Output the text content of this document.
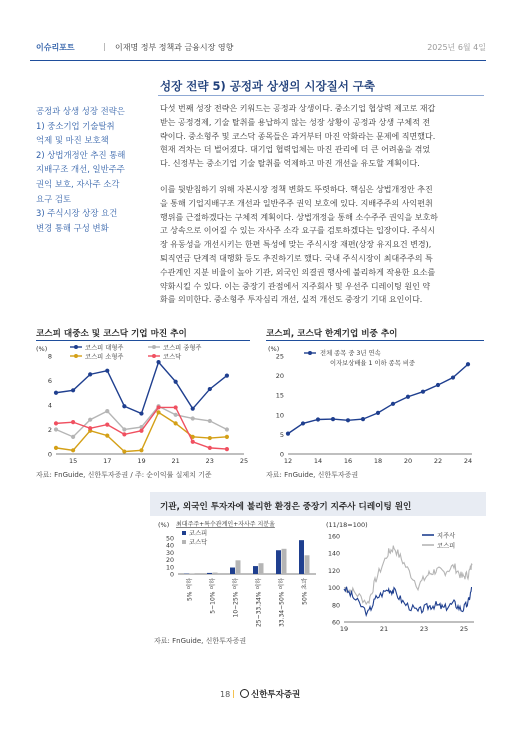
이슈리포트	| 이재명 정부 정책과 금융시장 영향	2025년 6월 4일
성장 전략 5) 공정과 상생의 시장질서 구축
공정과 상생 성장 전략은
1) 중소기업 기술탈취
억제 및 마진 보호책
2) 상법개정안 추진 통해
지배구조 개선, 일반주주
권익 보호, 자사주 소각
요구 검토
3) 주식시장 상장 요건
변경 통해 구성 변화
다섯 번째 성장 전략은 키워드는 공정과 상생이다. 중소기업 협상력 제고로 재갑
받는 공정경제, 기술 탈취를 용납하지 않는 성장 상황이 공정과 상생 구체적 전
략이다. 중소형주 및 코스닥 종목들은 과거부터 마진 악화라는 문제에 직면했다.
현재 격차는 더 벌어졌다. 대기업 협력업체는 마진 관리에 더 큰 어려움을 겪었
다. 신정부는 중소기업 기술 탈취를 억제하고 마진 개선을 유도할 계획이다.
이를 뒷받침하기 위해 자본시장 정책 변화도 뚜렷하다. 핵심은 상법개정안 추진
을 통해 기업지배구조 개선과 일반주주 권익 보호에 있다. 지배주주의 사익편취
행위를 근절하겠다는 구체적 계획이다. 상법개정을 통해 소수주주 권익을 보호하
고 상속으로 이어질 수 있는 자사주 소각 요구를 검토하겠다는 입장이다. 주식시
장 유동성을 개선시키는 한편 특성에 맞는 주식시장 재편(상장 유지요건 변경),
퇴직연금 단계적 대행화 등도 추진하기로 했다. 국내 주식시장이 최대주주의 특
수관계인 지분 비율이 높아 기관, 외국인 의결권 행사에 불리하게 작용한 요소를
약화시킬 수 있다. 이는 중장기 관점에서 지주회사 및 우선주 디레이팅 원인 약
화를 의미한다. 중소형주 투자심리 개선, 실적 개선도 중장기 기대 요인이다.
코스피 대중소 및 코스닥 기업 마진 추이
(%)
0
2
4
6
8
15	17	19	21	23	25
코스피 대형주	코스피 중형주
코스피 소형주	코스닥
자료: FnGuide, 신한투자증권 / 주: 순이익률 실제치 기준
코스피, 코스닥 한계기업 비중 추이
(%)
0
5
10
15
20
25
12	14	16	18	20	22	24
전체 종목 중 3년 연속
이자보상배율 1 이하 종목 비중
자료: FnGuide, 신한투자증권
기관, 외국인 투자자에 불리한 환경은 중장기 지주사 디레이팅 원인
(%) 최대주주+특수관계인+자사주 지분율
0
10
20
30
40
50
5% 이하	5~10% 이하	10~25% 이하	25~33.34% 이하	33.34~50% 이하	50% 초과
코스피
코스닥
(11/18=100)
60
80
100
120
140
160
19	21	23	25
지주사
코스피
자료: FnGuide, 신한투자증권
18 |	신한투자증권
